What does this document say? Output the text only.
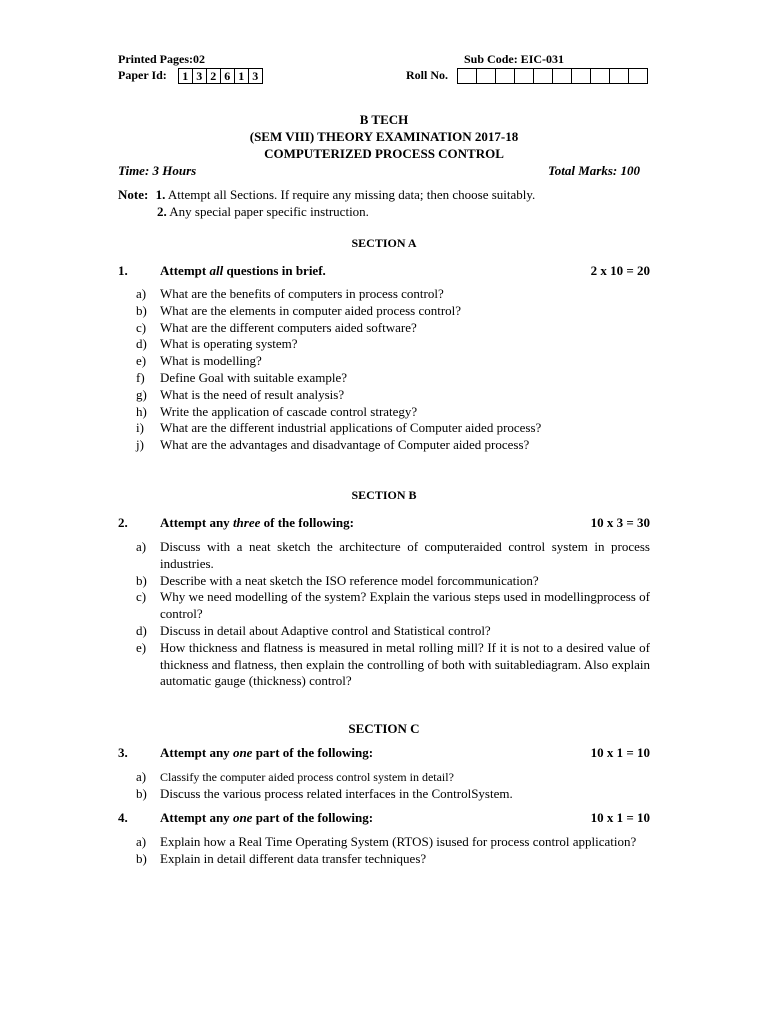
Printed Pages:02	Sub Code: EIC-031
Paper Id: 1 3 2 6 1 3	Roll No.
B TECH
(SEM VIII) THEORY EXAMINATION 2017-18
COMPUTERIZED PROCESS CONTROL
Time: 3 Hours	Total Marks: 100
Note: 1. Attempt all Sections. If require any missing data; then choose suitably.
2. Any special paper specific instruction.
SECTION A
1. Attempt all questions in brief.	2 x 10 = 20
a) What are the benefits of computers in process control?
b) What are the elements in computer aided process control?
c) What are the different computers aided software?
d) What is operating system?
e) What is modelling?
f) Define Goal with suitable example?
g) What is the need of result analysis?
h) Write the application of cascade control strategy?
i) What are the different industrial applications of Computer aided process?
j) What are the advantages and disadvantage of Computer aided process?
SECTION B
2. Attempt any three of the following:	10 x 3 = 30
a) Discuss with a neat sketch the architecture of computeraided control system in process industries.
b) Describe with a neat sketch the ISO reference model forcommunication?
c) Why we need modelling of the system? Explain the various steps used in modellingprocess of control?
d) Discuss in detail about Adaptive control and Statistical control?
e) How thickness and flatness is measured in metal rolling mill? If it is not to a desired value of thickness and flatness, then explain the controlling of both with suitablediagram. Also explain automatic gauge (thickness) control?
SECTION C
3. Attempt any one part of the following:	10 x 1 = 10
a) Classify the computer aided process control system in detail?
b) Discuss the various process related interfaces in the ControlSystem.
4. Attempt any one part of the following:	10 x 1 = 10
a) Explain how a Real Time Operating System (RTOS) isused for process control application?
b) Explain in detail different data transfer techniques?
